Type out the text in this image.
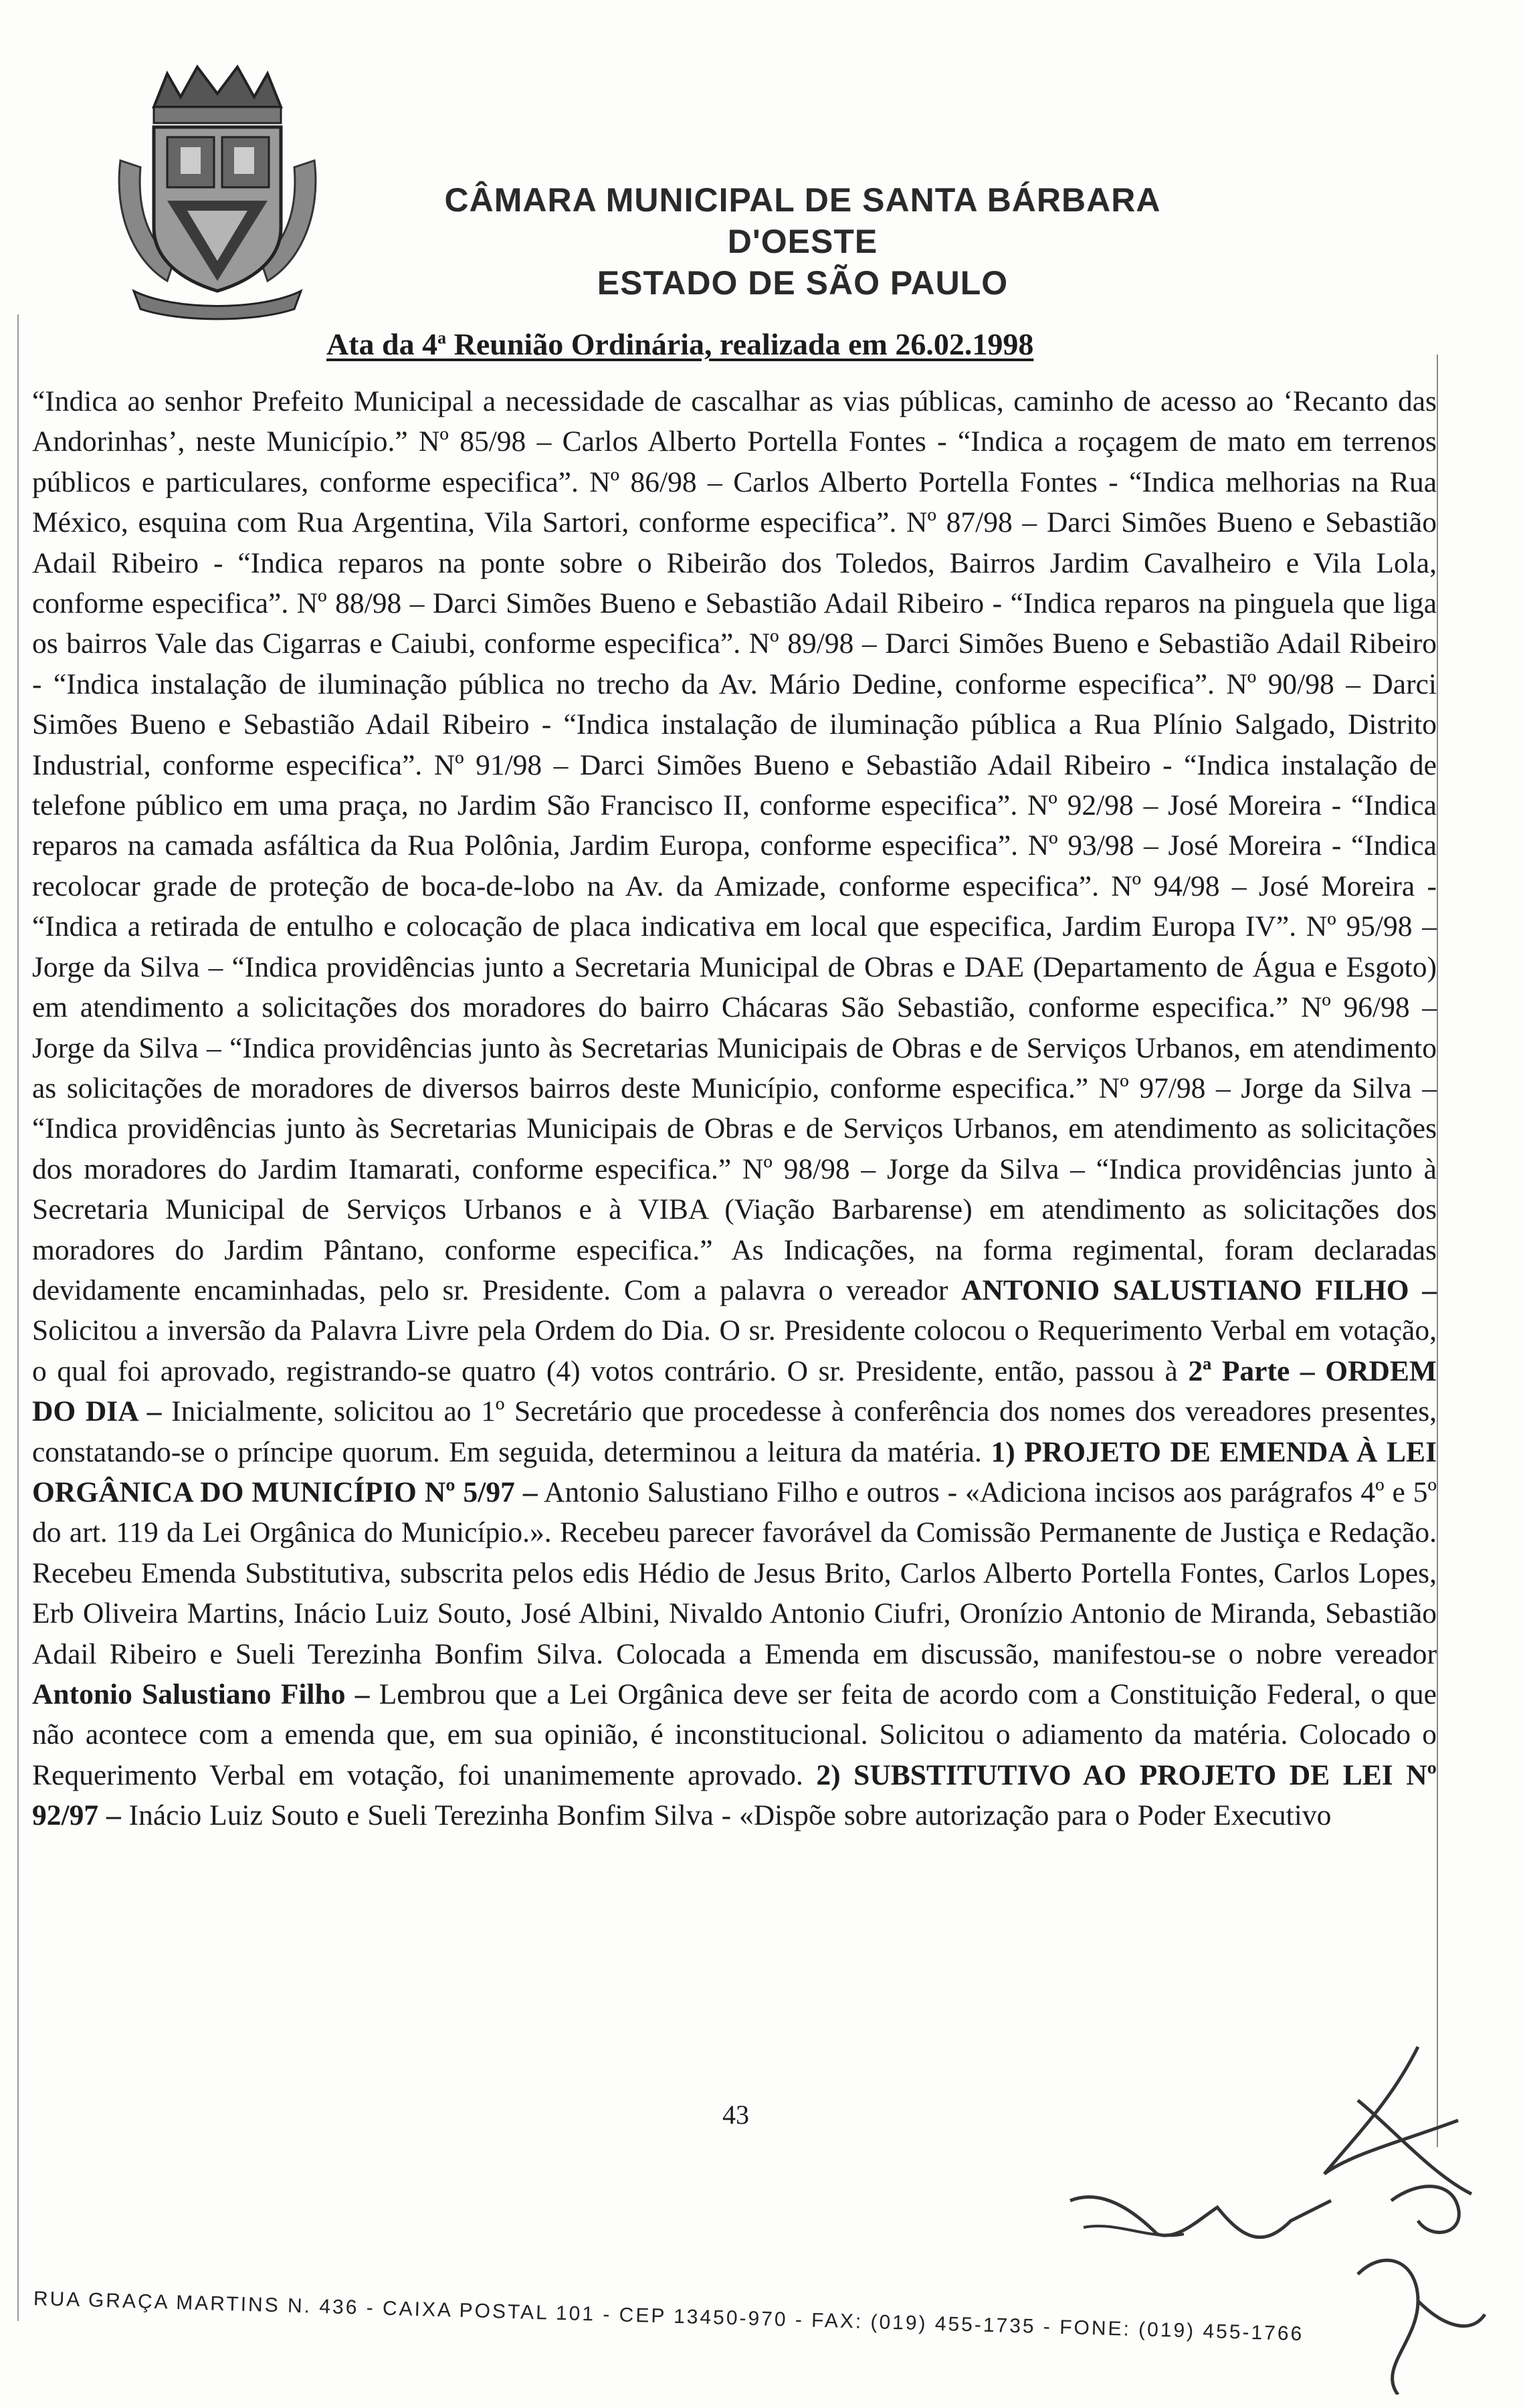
CÂMARA MUNICIPAL DE SANTA BÁRBARA D'OESTE
ESTADO DE SÃO PAULO
Ata da 4$^a$ Reunião Ordinária, realizada em 26.02.1998
“Indica ao senhor Prefeito Municipal a necessidade de cascalhar as vias públicas, caminho de acesso ao ‘Recanto das Andorinhas’, neste Município.” Nº 85/98 – Carlos Alberto Portella Fontes - “Indica a roçagem de mato em terrenos públicos e particulares, conforme especifica”. Nº 86/98 – Carlos Alberto Portella Fontes - “Indica melhorias na Rua México, esquina com Rua Argentina, Vila Sartori, conforme especifica”. Nº 87/98 – Darci Simões Bueno e Sebastião Adail Ribeiro - “Indica reparos na ponte sobre o Ribeirão dos Toledos, Bairros Jardim Cavalheiro e Vila Lola, conforme especifica”. Nº 88/98 – Darci Simões Bueno e Sebastião Adail Ribeiro - “Indica reparos na pinguela que liga os bairros Vale das Cigarras e Caiubi, conforme especifica”. Nº 89/98 – Darci Simões Bueno e Sebastião Adail Ribeiro - “Indica instalação de iluminação pública no trecho da Av. Mário Dedine, conforme especifica”. Nº 90/98 – Darci Simões Bueno e Sebastião Adail Ribeiro - “Indica instalação de iluminação pública a Rua Plínio Salgado, Distrito Industrial, conforme especifica”. Nº 91/98 – Darci Simões Bueno e Sebastião Adail Ribeiro - “Indica instalação de telefone público em uma praça, no Jardim São Francisco II, conforme especifica”. Nº 92/98 – José Moreira - “Indica reparos na camada asfáltica da Rua Polônia, Jardim Europa, conforme especifica”. Nº 93/98 – José Moreira - “Indica recolocar grade de proteção de boca-de-lobo na Av. da Amizade, conforme especifica”. Nº 94/98 – José Moreira - “Indica a retirada de entulho e colocação de placa indicativa em local que especifica, Jardim Europa IV”. Nº 95/98 – Jorge da Silva – “Indica providências junto a Secretaria Municipal de Obras e DAE (Departamento de Água e Esgoto) em atendimento a solicitações dos moradores do bairro Chácaras São Sebastião, conforme especifica.” Nº 96/98 – Jorge da Silva – “Indica providências junto às Secretarias Municipais de Obras e de Serviços Urbanos, em atendimento as solicitações de moradores de diversos bairros deste Município, conforme especifica.” Nº 97/98 – Jorge da Silva – “Indica providências junto às Secretarias Municipais de Obras e de Serviços Urbanos, em atendimento as solicitações dos moradores do Jardim Itamarati, conforme especifica.” Nº 98/98 – Jorge da Silva – “Indica providências junto à Secretaria Municipal de Serviços Urbanos e à VIBA (Viação Barbarense) em atendimento as solicitações dos moradores do Jardim Pântano, conforme especifica.” As Indicações, na forma regimental, foram declaradas devidamente encaminhadas, pelo sr. Presidente. Com a palavra o vereador ANTONIO SALUSTIANO FILHO – Solicitou a inversão da Palavra Livre pela Ordem do Dia. O sr. Presidente colocou o Requerimento Verbal em votação, o qual foi aprovado, registrando-se quatro (4) votos contrário. O sr. Presidente, então, passou à 2ª Parte – ORDEM DO DIA – Inicialmente, solicitou ao 1º Secretário que procedesse à conferência dos nomes dos vereadores presentes, constatando-se o príncipe quorum. Em seguida, determinou a leitura da matéria. 1) PROJETO DE EMENDA À LEI ORGÂNICA DO MUNICÍPIO Nº 5/97 – Antonio Salustiano Filho e outros - «Adiciona incisos aos parágrafos 4º e 5º do art. 119 da Lei Orgânica do Município.». Recebeu parecer favorável da Comissão Permanente de Justiça e Redação. Recebeu Emenda Substitutiva, subscrita pelos edis Hédio de Jesus Brito, Carlos Alberto Portella Fontes, Carlos Lopes, Erb Oliveira Martins, Inácio Luiz Souto, José Albini, Nivaldo Antonio Ciufri, Oronízio Antonio de Miranda, Sebastião Adail Ribeiro e Sueli Terezinha Bonfim Silva. Colocada a Emenda em discussão, manifestou-se o nobre vereador Antonio Salustiano Filho – Lembrou que a Lei Orgânica deve ser feita de acordo com a Constituição Federal, o que não acontece com a emenda que, em sua opinião, é inconstitucional. Solicitou o adiamento da matéria. Colocado o Requerimento Verbal em votação, foi unanimemente aprovado. 2) SUBSTITUTIVO AO PROJETO DE LEI Nº 92/97 – Inácio Luiz Souto e Sueli Terezinha Bonfim Silva - «Dispõe sobre autorização para o Poder Executivo
43
RUA GRAÇA MARTINS N. 436 - CAIXA POSTAL 101 - CEP 13450-970 - FAX: (019) 455-1735 - FONE: (019) 455-1766
